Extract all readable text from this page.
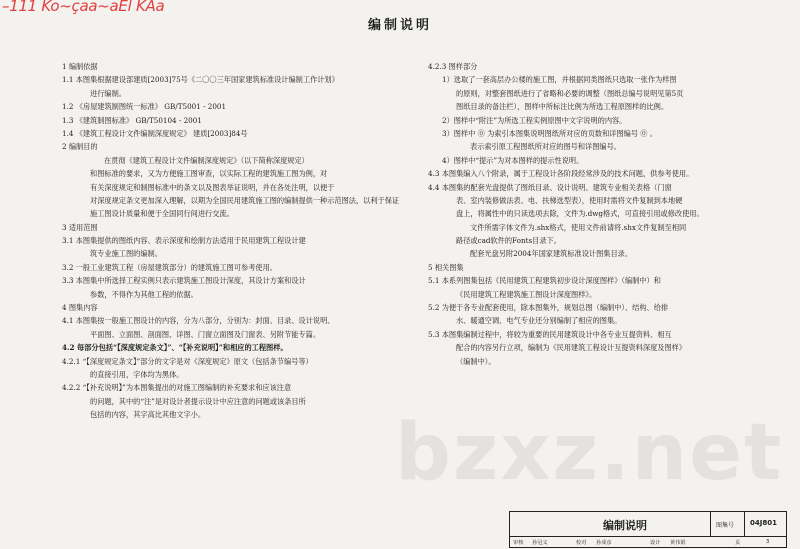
–111 Ko~çaa~aEl KAa
编制说明
1 编制依据
1.1 本图集根据建设部建质[2003]75号《二〇〇三年国家建筑标准设计编制工作计划》
进行编制。
1.2 《房屋建筑制图统一标准》 GB/T5001 - 2001
1.3 《建筑制图标准》 GB/T50104 - 2001
1.4 《建筑工程设计文件编制深度规定》 建质[2003]84号
2 编制目的
在贯彻《建筑工程设计文件编制深度规定》（以下简称深度规定）
和图标准的要求，又为方便施工图审查，以实际工程的建筑施工图为例，对
有关深度规定和制图标准中的条文以及图表举证说明，并在各处注明，以便于
对深度规定条文更加深入理解，以期为全国民用建筑施工图的编制提供一种示范图法，以利于保证
施工图设计质量和便于全国同行间进行交流。
3 适用范围
3.1 本图集提供的图纸内容、表示深度和绘制方法适用于民用建筑工程设计建
筑专业施工图的编制。
3.2 一般工业建筑工程（房屋建筑部分）的建筑施工图可参考使用。
3.3 本图集中所选择工程实例只表示建筑施工图设计深度，其设计方案和设计
参数，不得作为其他工程的依据。
4 图集内容
4.1 本图集按一般施工图设计的内容，分为八部分，分别为：封面、目录、设计说明、
平面图、立面图、剖面图、详图、门窗立面图及门窗表、另附节能专篇。
4.2 每部分包括“【深度规定条文】”、“【补充说明】”和相应的工程图样。
4.2.1 “【深度规定条文】”部分的文字是对《深度规定》原文（包括条节编号等）
的直接引用，字体均为黑体。
4.2.2 “【补充说明】”为本图集提出的对施工图编制的补充要求和应该注意
的问题，其中的“注”是对设计者提示设计中应注意的问题或该条目所
包括的内容，其字高比其他文字小。
4.2.3 图样部分
1）选取了一套高层办公楼的施工图，并根据同类图纸只选取一张作为样图
的原则，对整套图纸进行了省略和必要的调整（图纸总编号说明见第5页
图纸目录的备注栏），图样中所标注比例为所选工程原图样的比例。
2）图样中“附注”为所选工程实例原图中文字说明的内容。
3）图样中 ⓪ 为索引本图集说明图纸所对应的页数和详图编号 ⓪ 。
表示索引原工程图纸所对应的图号和详图编号。
4）图样中“提示”为对本图样的提示性说明。
4.3 本图集编入八个附录，属于工程设计各阶段经常涉及的技术问题，供参考使用。
4.4 本图集的配套光盘提供了图纸目录、设计说明、建筑专业相关表格（门窗
表、室内装修做法表、电、扶梯选型表），使用时需将文件复制到本地硬
盘上，将属性中的只读选项去除，文件为.dwg格式，可直接引用或修改使用。
文件所需字体文件为.shx格式，使用文件前请将.shx文件复制至相同
路径或cad软件的Fonts目录下。
配套光盘另附2004年国家建筑标准设计图集目录。
5 相关图集
5.1 本系列图集包括《民用建筑工程建筑初步设计深度图样》（编制中）和
《民用建筑工程建筑施工图设计深度图样》。
5.2 为便于各专业配套使用，除本图集外，规划总图（编制中）、结构、给排
水、暖通空调、电气专业还分别编制了相应的图集。
5.3 本图集编制过程中，将较为重要的民用建筑设计中各专业互提资料、相互
配合的内容另行立项，编制为《民用建筑工程设计互提资料深度及图样》
（编制中）。
bzxz.net
编制说明	图集号 04J801
审核 孙冠义	校对 孙成彦	设计 黄伟娟	页	3
